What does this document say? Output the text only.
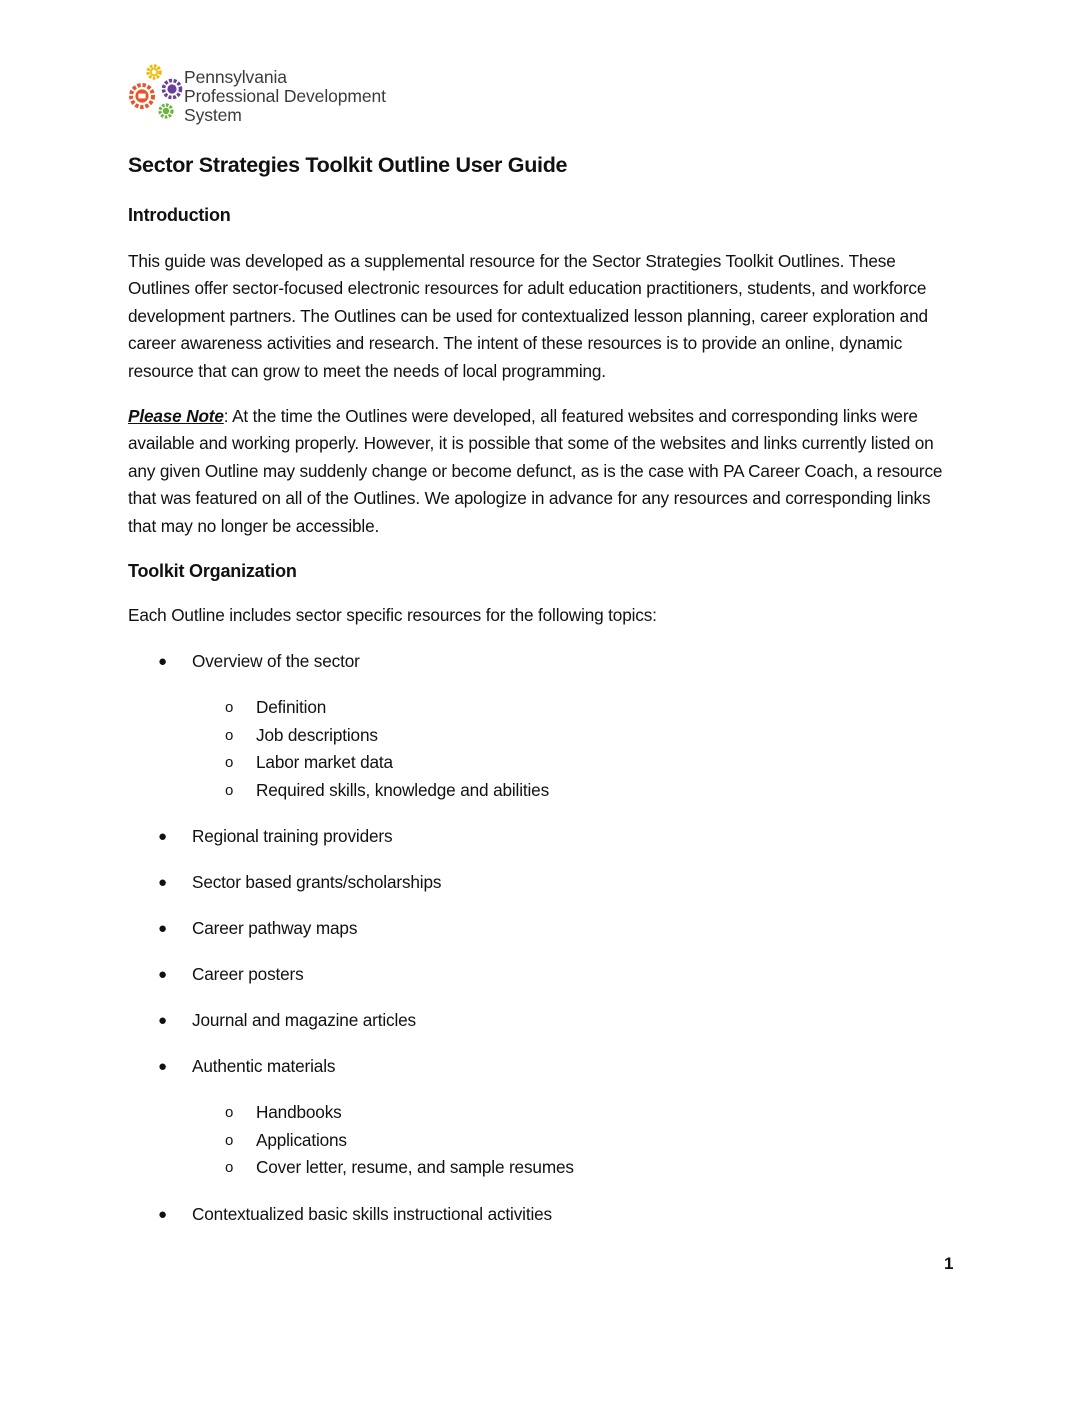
Pennsylvania
Professional Development
System
Sector Strategies Toolkit Outline User Guide
Introduction

This guide was developed as a supplemental resource for the Sector Strategies Toolkit Outlines. These Outlines offer sector-focused electronic resources for adult education practitioners, students, and workforce development partners. The Outlines can be used for contextualized lesson planning, career exploration and career awareness activities and research. The intent of these resources is to provide an online, dynamic resource that can grow to meet the needs of local programming.

Please Note: At the time the Outlines were developed, all featured websites and corresponding links were available and working properly. However, it is possible that some of the websites and links currently listed on any given Outline may suddenly change or become defunct, as is the case with PA Career Coach, a resource that was featured on all of the Outlines. We apologize in advance for any resources and corresponding links that may no longer be accessible.

Toolkit Organization

Each Outline includes sector specific resources for the following topics:

● Overview of the sector
o Definition
o Job descriptions
o Labor market data
o Required skills, knowledge and abilities
● Regional training providers
● Sector based grants/scholarships
● Career pathway maps
● Career posters
● Journal and magazine articles
● Authentic materials
o Handbooks
o Applications
o Cover letter, resume, and sample resumes
● Contextualized basic skills instructional activities
1
